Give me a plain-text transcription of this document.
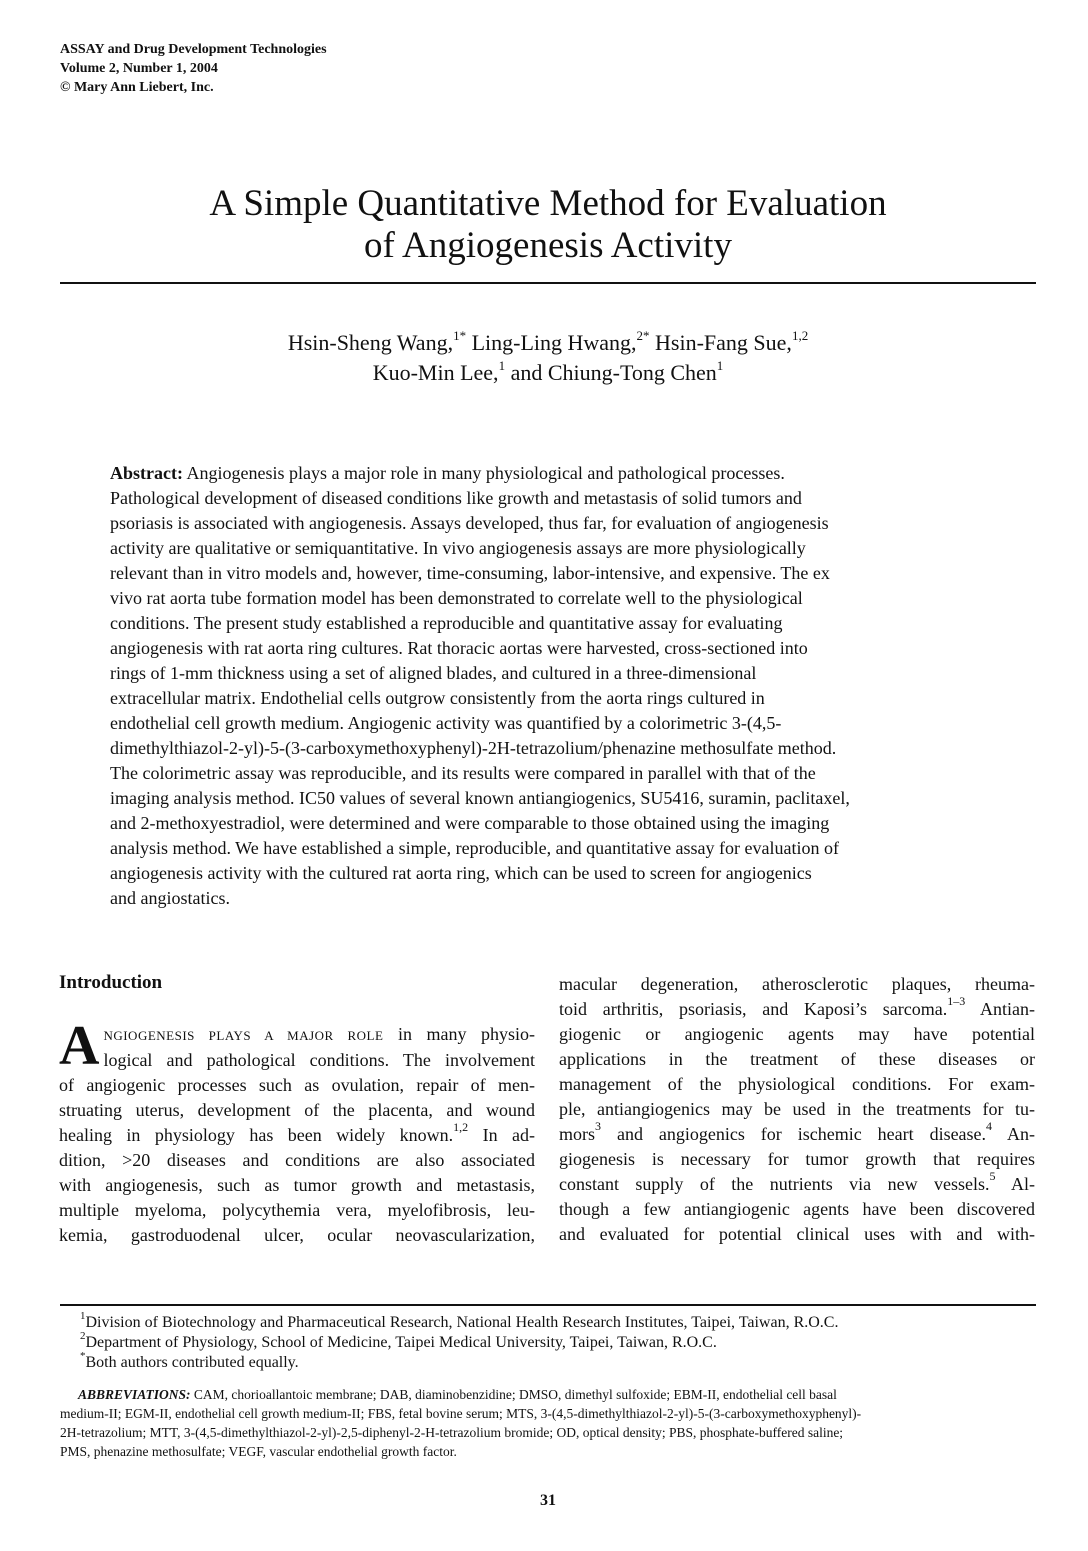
ASSAY and Drug Development Technologies
Volume 2, Number 1, 2004
© Mary Ann Liebert, Inc.
A Simple Quantitative Method for Evaluation
of Angiogenesis Activity
Hsin-Sheng Wang,$^{1*}$ Ling-Ling Hwang,$^{2*}$ Hsin-Fang Sue,$^{1,2}$
Kuo-Min Lee,$^1$ and Chiung-Tong Chen$^1$
Abstract: Angiogenesis plays a major role in many physiological and pathological processes.
Pathological development of diseased conditions like growth and metastasis of solid tumors and
psoriasis is associated with angiogenesis. Assays developed, thus far, for evaluation of angiogenesis
activity are qualitative or semiquantitative. In vivo angiogenesis assays are more physiologically
relevant than in vitro models and, however, time-consuming, labor-intensive, and expensive. The ex
vivo rat aorta tube formation model has been demonstrated to correlate well to the physiological
conditions. The present study established a reproducible and quantitative assay for evaluating
angiogenesis with rat aorta ring cultures. Rat thoracic aortas were harvested, cross-sectioned into
rings of 1-mm thickness using a set of aligned blades, and cultured in a three-dimensional
extracellular matrix. Endothelial cells outgrow consistently from the aorta rings cultured in
endothelial cell growth medium. Angiogenic activity was quantified by a colorimetric 3-(4,5-
dimethylthiazol-2-yl)-5-(3-carboxymethoxyphenyl)-2H-tetrazolium/phenazine methosulfate method.
The colorimetric assay was reproducible, and its results were compared in parallel with that of the
imaging analysis method. IC50 values of several known antiangiogenics, SU5416, suramin, paclitaxel,
and 2-methoxyestradiol, were determined and were comparable to those obtained using the imaging
analysis method. We have established a simple, reproducible, and quantitative assay for evaluation of
angiogenesis activity with the cultured rat aorta ring, which can be used to screen for angiogenics
and angiostatics.
Introduction
A NGIOGENESIS PLAYS A MAJOR ROLE in many physio-
logical and pathological conditions. The involvement
of angiogenic processes such as ovulation, repair of men-
struating uterus, development of the placenta, and wound
healing in physiology has been widely known.$^{1,2}$ In ad-
dition, >20 diseases and conditions are also associated
with angiogenesis, such as tumor growth and metastasis,
multiple myeloma, polycythemia vera, myelofibrosis, leu-
kemia, gastroduodenal ulcer, ocular neovascularization,
macular degeneration, atherosclerotic plaques, rheuma-
toid arthritis, psoriasis, and Kaposi’s sarcoma.$^{1-3}$ Antian-
giogenic or angiogenic agents may have potential
applications in the treatment of these diseases or
management of the physiological conditions. For exam-
ple, antiangiogenics may be used in the treatments for tu-
mors$^3$ and angiogenics for ischemic heart disease.$^4$ An-
giogenesis is necessary for tumor growth that requires
constant supply of the nutrients via new vessels.$^5$ Al-
though a few antiangiogenic agents have been discovered
and evaluated for potential clinical uses with and with-
$^1$Division of Biotechnology and Pharmaceutical Research, National Health Research Institutes, Taipei, Taiwan, R.O.C.
$^2$Department of Physiology, School of Medicine, Taipei Medical University, Taipei, Taiwan, R.O.C.
*Both authors contributed equally.
ABBREVIATIONS: CAM, chorioallantoic membrane; DAB, diaminobenzidine; DMSO, dimethyl sulfoxide; EBM-II, endothelial cell basal
medium-II; EGM-II, endothelial cell growth medium-II; FBS, fetal bovine serum; MTS, 3-(4,5-dimethylthiazol-2-yl)-5-(3-carboxymethoxyphenyl)-
2H-tetrazolium; MTT, 3-(4,5-dimethylthiazol-2-yl)-2,5-diphenyl-2-H-tetrazolium bromide; OD, optical density; PBS, phosphate-buffered saline;
PMS, phenazine methosulfate; VEGF, vascular endothelial growth factor.
31
